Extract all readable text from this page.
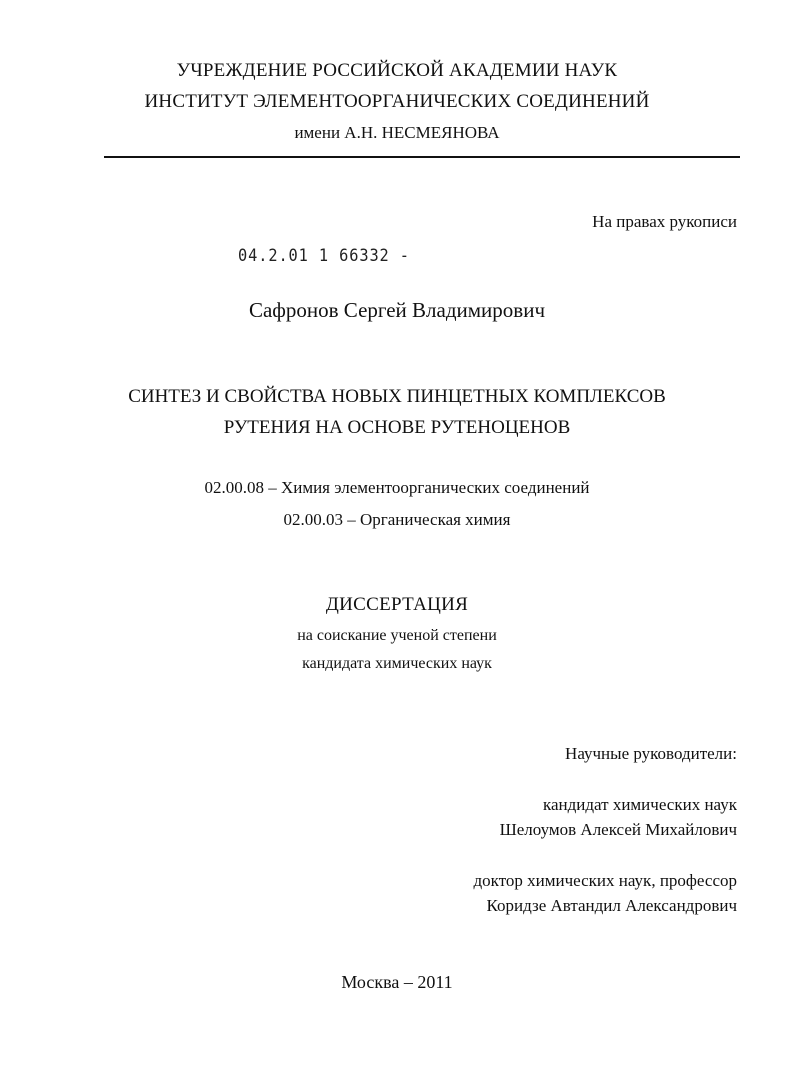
УЧРЕЖДЕНИЕ РОССИЙСКОЙ АКАДЕМИИ НАУК
ИНСТИТУТ ЭЛЕМЕНТООРГАНИЧЕСКИХ СОЕДИНЕНИЙ
имени А.Н. НЕСМЕЯНОВА
На правах рукописи
04.2.01 1 66332 -
Сафронов Сергей Владимирович
СИНТЕЗ И СВОЙСТВА НОВЫХ ПИНЦЕТНЫХ КОМПЛЕКСОВ
РУТЕНИЯ НА ОСНОВЕ РУТЕНОЦЕНОВ
02.00.08 – Химия элементоорганических соединений
02.00.03 – Органическая химия
ДИССЕРТАЦИЯ
на соискание ученой степени
кандидата химических наук
Научные руководители:
кандидат химических наук
Шелоумов Алексей Михайлович
доктор химических наук, профессор
Коридзе Автандил Александрович
Москва – 2011
